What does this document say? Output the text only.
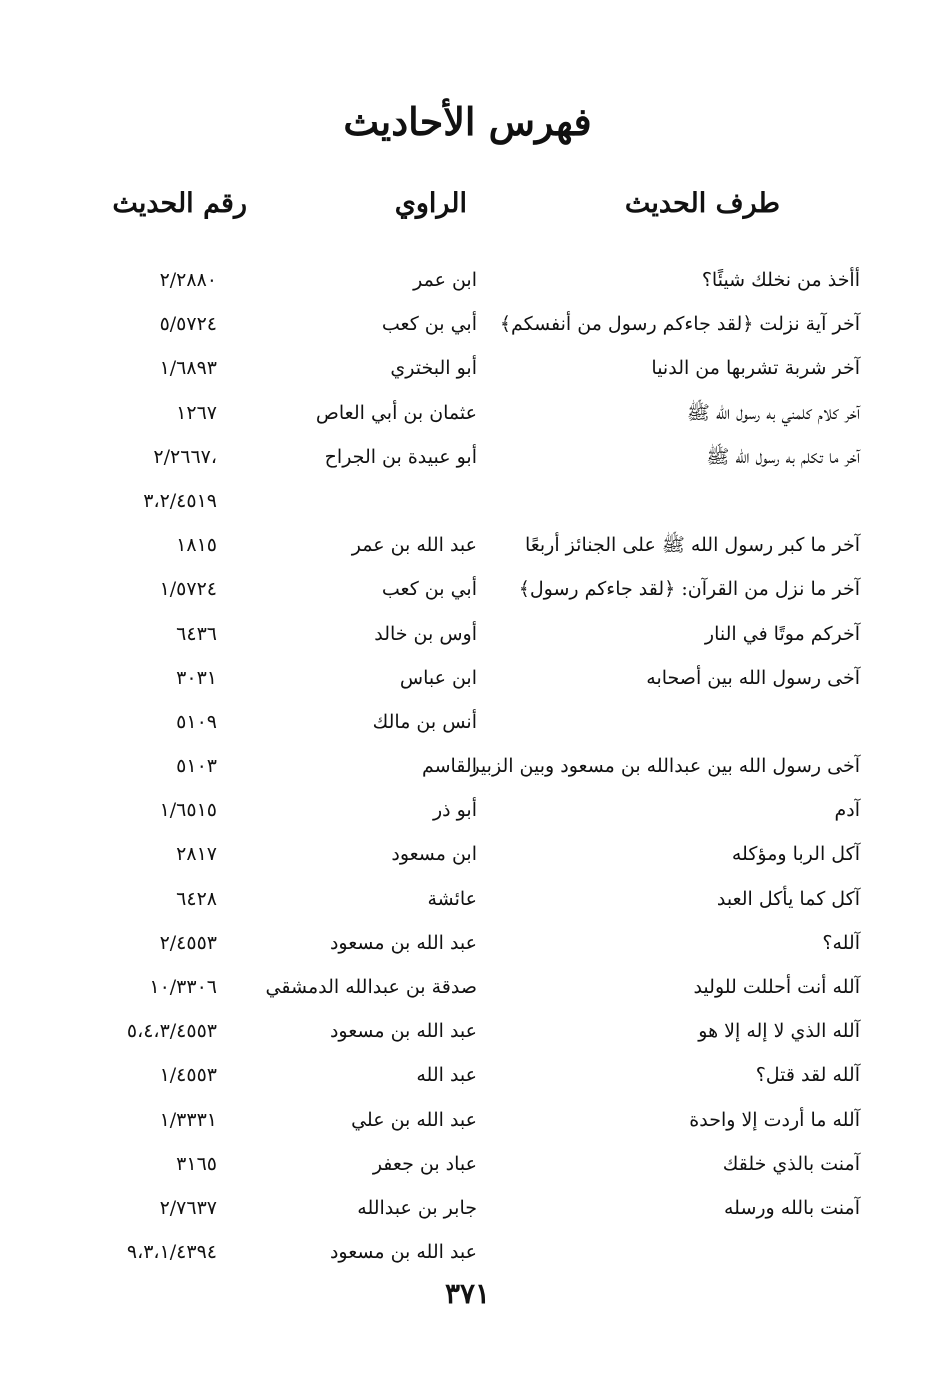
فهرس الأحاديث
طرف الحديث
الراوي
رقم الحديث
أأخذ من نخلك شيئًا؟
ابن عمر
٢/٢٨٨٠
آخر آية نزلت ﴿لقد جاءكم رسول من أنفسكم﴾
أبي بن كعب
٥/٥٧٢٤
آخر شربة تشربها من الدنيا
أبو البختري
١/٦٨٩٣
آخر كلام كلمني به رسول الله ﷺ
عثمان بن أبي العاص
١٢٦٧
آخر ما تكلم به رسول الله ﷺ
أبو عبيدة بن الجراح
٢/٢٦٦٧،
٣،٢/٤٥١٩
آخر ما كبر رسول الله ﷺ على الجنائز أربعًا
عبد الله بن عمر
١٨١٥
آخر ما نزل من القرآن: ﴿لقد جاءكم رسول﴾
أبي بن كعب
١/٥٧٢٤
آخركم موتًا في النار
أوس بن خالد
٦٤٣٦
آخى رسول الله بين أصحابه
ابن عباس
٣٠٣١
أنس بن مالك
٥١٠٩
آخى رسول الله بين عبدالله بن مسعود وبين الزبير
القاسم
٥١٠٣
آدم
أبو ذر
١/٦٥١٥
آكل الربا ومؤكله
ابن مسعود
٢٨١٧
آكل كما يأكل العبد
عائشة
٦٤٢٨
آلله؟
عبد الله بن مسعود
٢/٤٥٥٣
آلله أنت أحللت للوليد
صدقة بن عبدالله الدمشقي
١٠/٣٣٠٦
آلله الذي لا إله إلا هو
عبد الله بن مسعود
٥،٤،٣/٤٥٥٣
آلله لقد قتل؟
عبد الله
١/٤٥٥٣
آلله ما أردت إلا واحدة
عبد الله بن علي
١/٣٣٣١
آمنت بالذي خلقك
عباد بن جعفر
٣١٦٥
آمنت بالله ورسله
جابر بن عبدالله
٢/٧٦٣٧
عبد الله بن مسعود
٩،٣،١/٤٣٩٤
٣٧١
